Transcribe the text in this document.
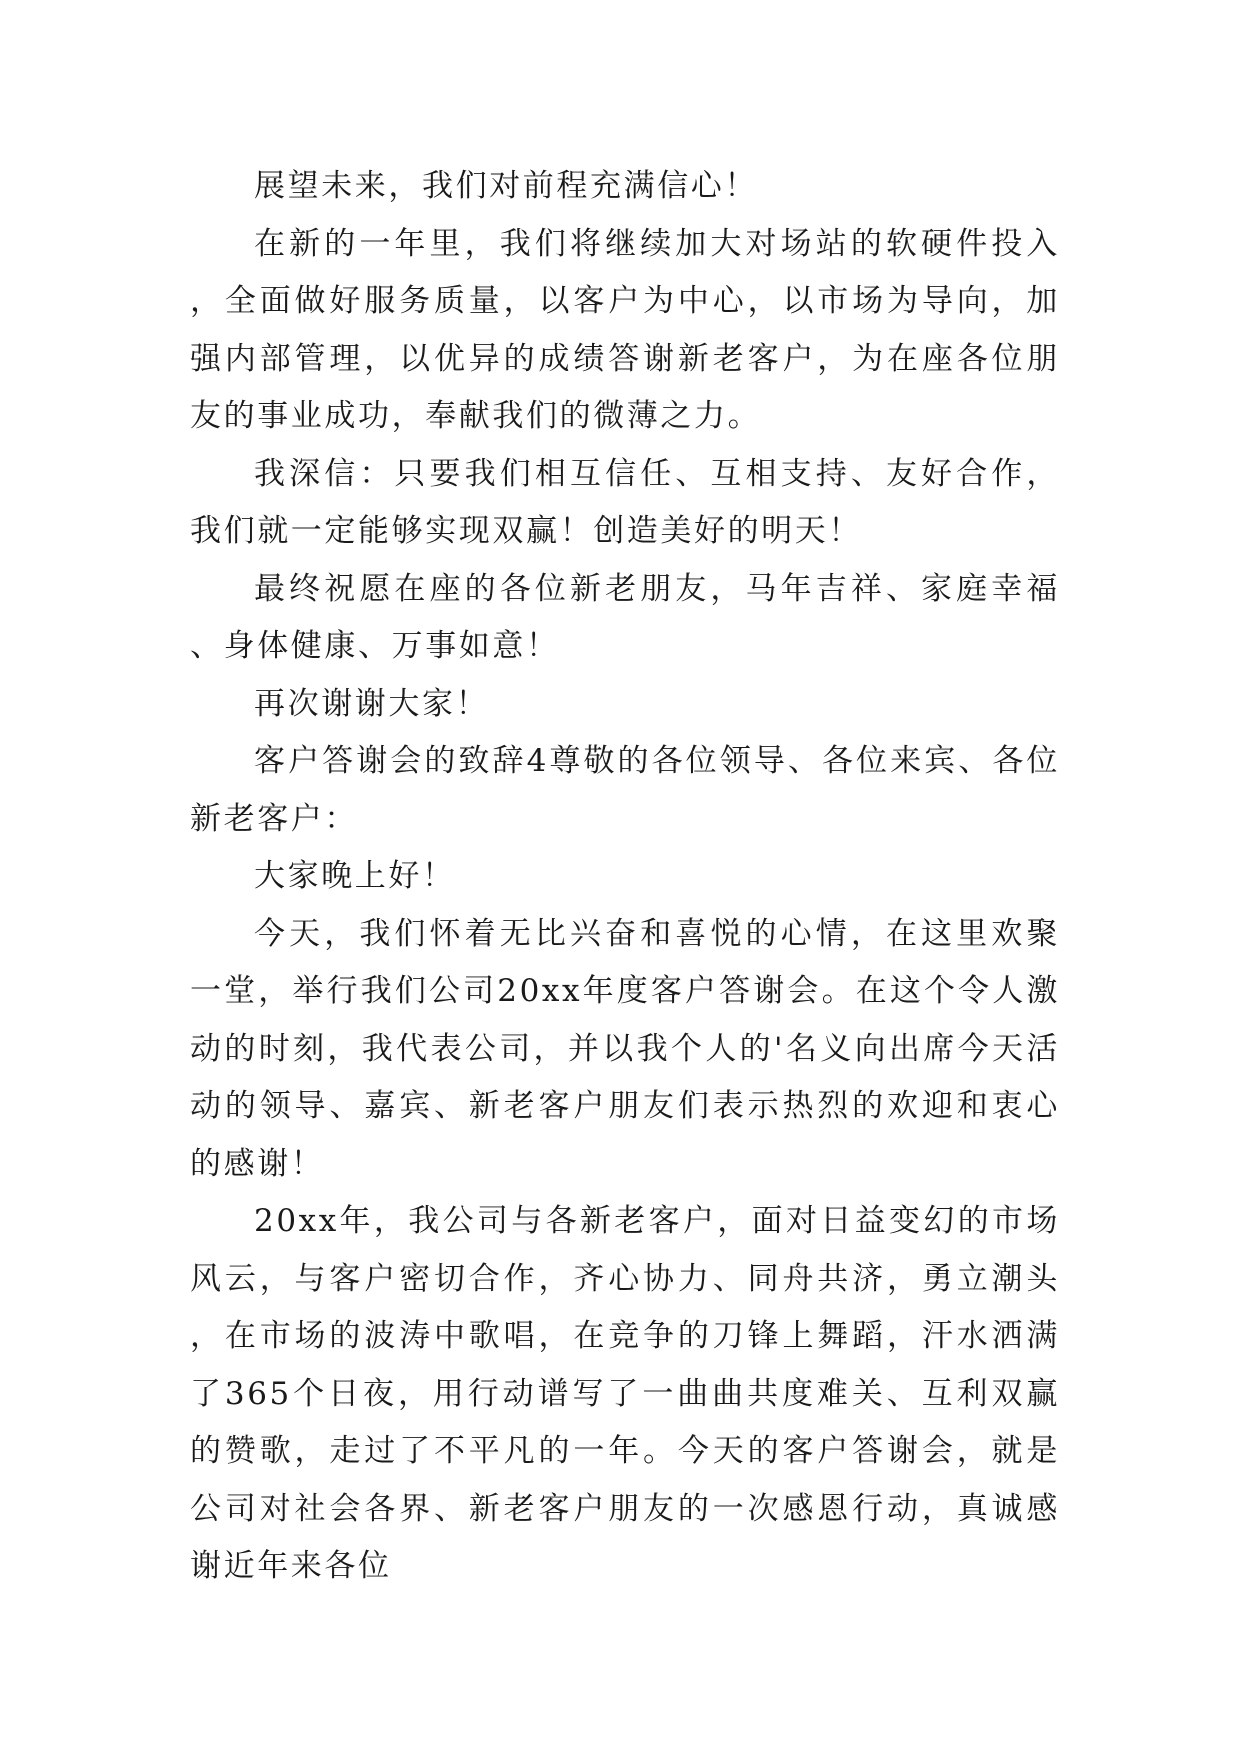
展望未来，我们对前程充满信心！

在新的一年里，我们将继续加大对场站的软硬件投入，全面做好服务质量，以客户为中心，以市场为导向，加强内部管理，以优异的成绩答谢新老客户，为在座各位朋友的事业成功，奉献我们的微薄之力。

我深信：只要我们相互信任、互相支持、友好合作，我们就一定能够实现双赢！创造美好的明天！

最终祝愿在座的各位新老朋友，马年吉祥、家庭幸福、身体健康、万事如意！

再次谢谢大家！

客户答谢会的致辞4尊敬的各位领导、各位来宾、各位新老客户：

大家晚上好！

今天，我们怀着无比兴奋和喜悦的心情，在这里欢聚一堂，举行我们公司20xx年度客户答谢会。在这个令人激动的时刻，我代表公司，并以我个人的'名义向出席今天活动的领导、嘉宾、新老客户朋友们表示热烈的欢迎和衷心的感谢！

20xx年，我公司与各新老客户，面对日益变幻的市场风云，与客户密切合作，齐心协力、同舟共济，勇立潮头，在市场的波涛中歌唱，在竞争的刀锋上舞蹈，汗水洒满了365个日夜，用行动谱写了一曲曲共度难关、互利双赢的赞歌，走过了不平凡的一年。今天的客户答谢会，就是公司对社会各界、新老客户朋友的一次感恩行动，真诚感谢近年来各位
